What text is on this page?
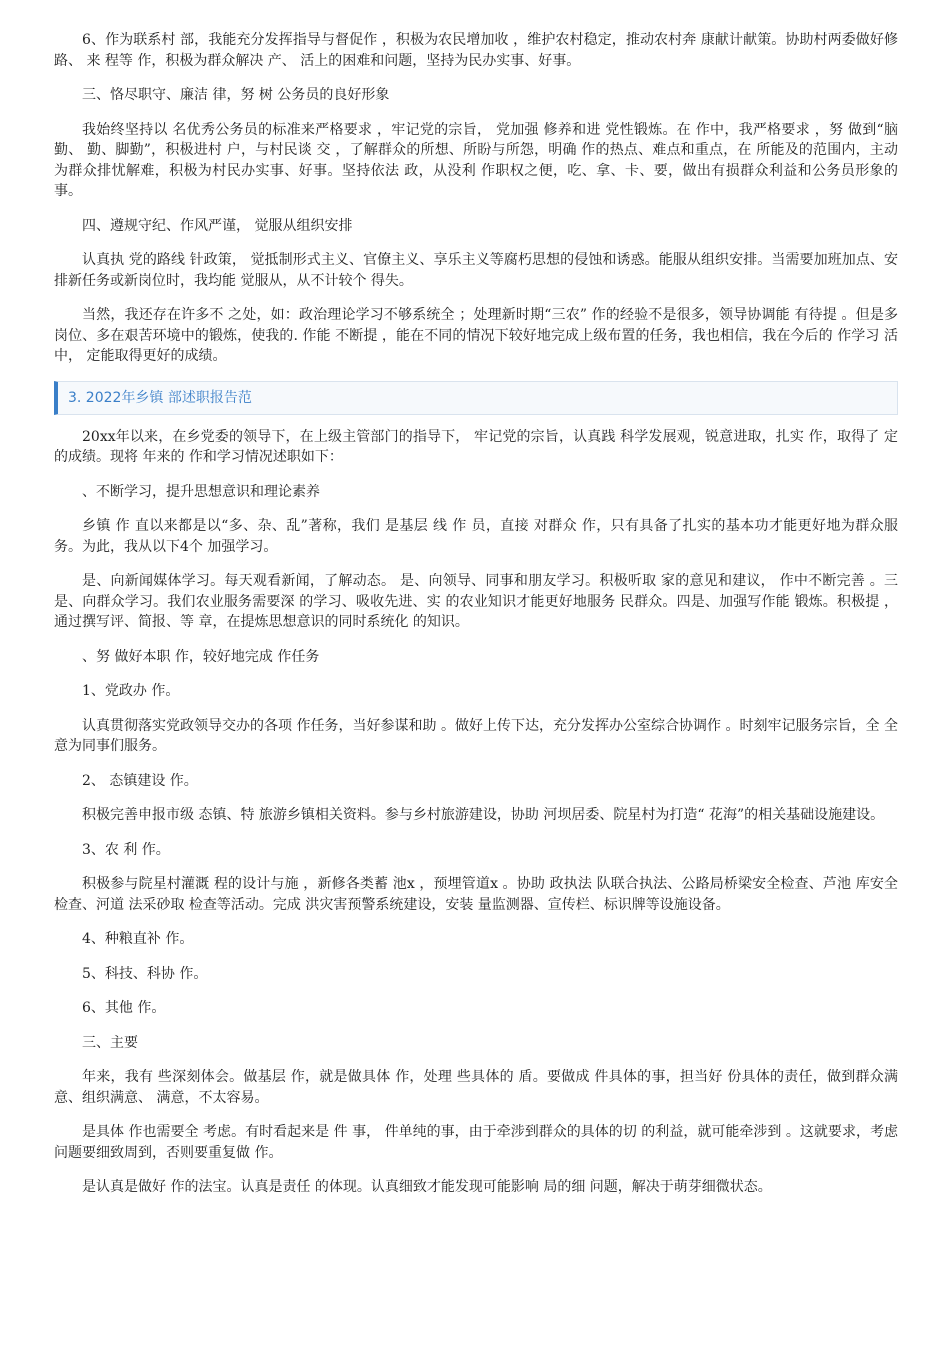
6、作为联系村 部，我能充分发挥指导与督促作 ，积极为农民增加收 ，维护农村稳定，推动农村奔 康献计献策。协助村两委做好修路、 来 程等 作，积极为群众解决 产、 活上的困难和问题，坚持为民办实事、好事。

三、恪尽职守、廉洁 律，努 树 公务员的良好形象

我始终坚持以 名优秀公务员的标准来严格要求 ，牢记党的宗旨， 党加强 修养和进 党性锻炼。在 作中，我严格要求 ，努 做到“脑勤、 勤、脚勤”，积极进村 户，与村民谈 交 ，了解群众的所想、所盼与所怨，明确 作的热点、难点和重点，在 所能及的范围内，主动为群众排忧解难，积极为村民办实事、好事。坚持依法 政，从没利 作职权之便，吃、拿、卡、要，做出有损群众利益和公务员形象的事。

四、遵规守纪、作风严谨， 觉服从组织安排

认真执 党的路线 针政策， 觉抵制形式主义、官僚主义、享乐主义等腐朽思想的侵蚀和诱惑。能服从组织安排。当需要加班加点、安排新任务或新岗位时，我均能 觉服从，从不计较个 得失。

当然，我还存在许多不 之处，如：政治理论学习不够系统全 ；处理新时期“三农” 作的经验不是很多，领导协调能 有待提 。但是多岗位、多在艰苦环境中的锻炼，使我的. 作能 不断提 ，能在不同的情况下较好地完成上级布置的任务，我也相信，我在今后的 作学习 活中， 定能取得更好的成绩。

3. 2022年乡镇 部述职报告范

20xx年以来，在乡党委的领导下，在上级主管部门的指导下， 牢记党的宗旨，认真践 科学发展观，锐意进取，扎实 作，取得了 定的成绩。现将 年来的 作和学习情况述职如下：

、不断学习，提升思想意识和理论素养

乡镇 作 直以来都是以“多、杂、乱”著称，我们 是基层 线 作 员，直接 对群众 作，只有具备了扎实的基本功才能更好地为群众服务。为此，我从以下4个 加强学习。

是、向新闻媒体学习。每天观看新闻，了解动态。 是、向领导、同事和朋友学习。积极听取 家的意见和建议， 作中不断完善 。三是、向群众学习。我们农业服务需要深 的学习、吸收先进、实 的农业知识才能更好地服务 民群众。四是、加强写作能 锻炼。积极提 ，通过撰写评、简报、等 章，在提炼思想意识的同时系统化 的知识。

、努 做好本职 作，较好地完成 作任务

1、党政办 作。

认真贯彻落实党政领导交办的各项 作任务，当好参谋和助 。做好上传下达，充分发挥办公室综合协调作 。时刻牢记服务宗旨，全 全意为同事们服务。

2、 态镇建设 作。

积极完善申报市级 态镇、特 旅游乡镇相关资料。参与乡村旅游建设，协助 河坝居委、院星村为打造“ 花海”的相关基础设施建设。

3、农 利 作。

积极参与院星村灌溉 程的设计与施 ，新修各类蓄 池x ，预埋管道x 。协助 政执法 队联合执法、公路局桥梁安全检查、芦池 库安全检查、河道 法采砂取 检查等活动。完成 洪灾害预警系统建设，安装 量监测器、宣传栏、标识牌等设施设备。

4、种粮直补 作。

5、科技、科协 作。

6、其他 作。

三、主要

年来，我有 些深刻体会。做基层 作，就是做具体 作，处理 些具体的 盾。要做成 件具体的事，担当好 份具体的责任，做到群众满意、组织满意、 满意，不太容易。

是具体 作也需要全 考虑。有时看起来是 件 事， 件单纯的事，由于牵涉到群众的具体的切 的利益，就可能牵涉到 。这就要求，考虑问题要细致周到，否则要重复做 作。

是认真是做好 作的法宝。认真是责任 的体现。认真细致才能发现可能影响 局的细 问题，解决于萌芽细微状态。
